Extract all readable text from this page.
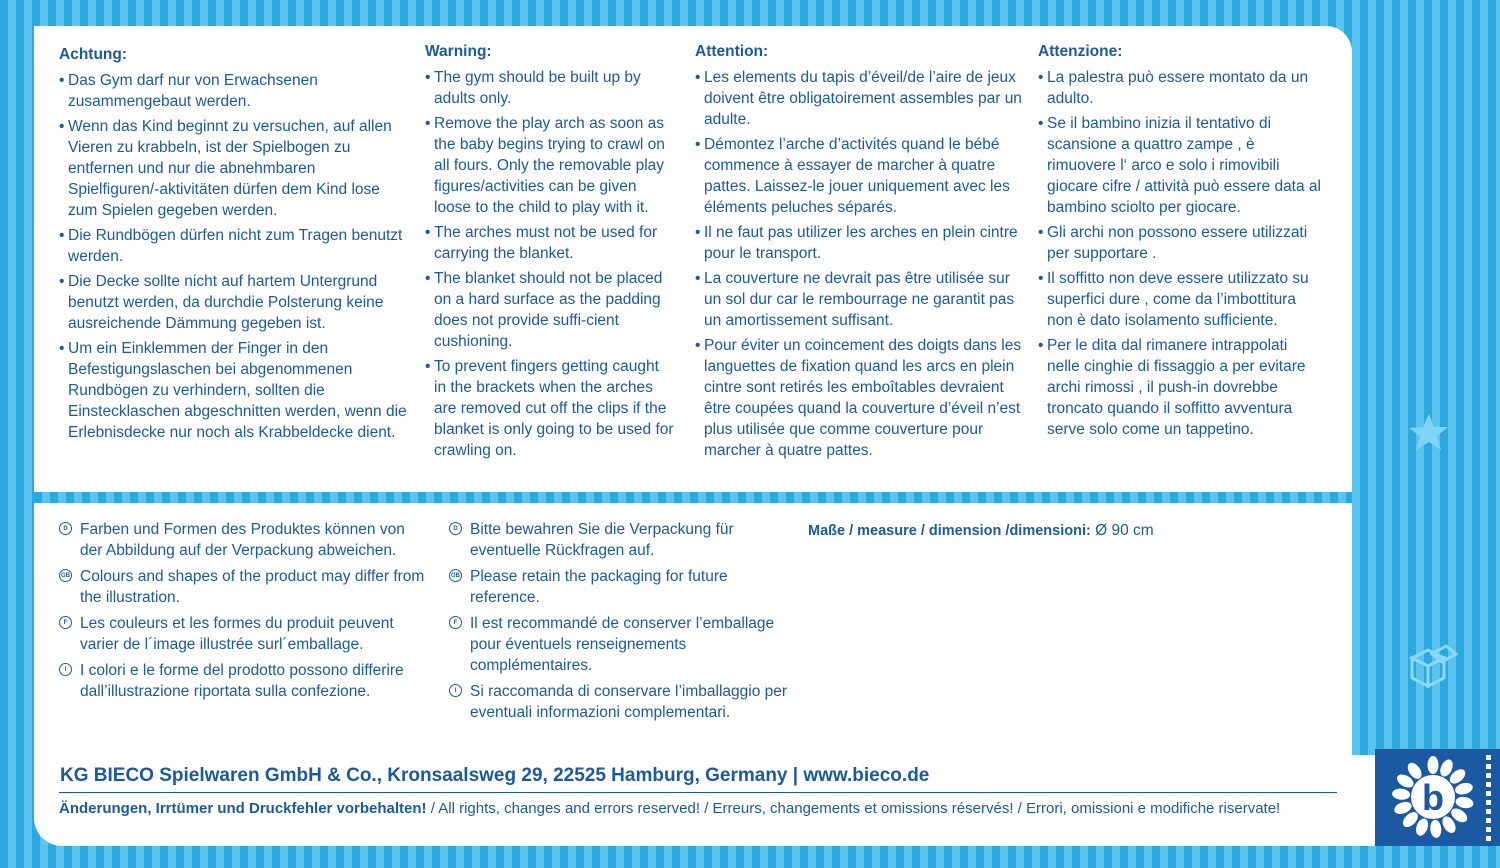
Achtung:
• Das Gym darf nur von Erwachsenen zusammengebaut werden.
• Wenn das Kind beginnt zu versuchen, auf allen Vieren zu krabbeln, ist der Spielbogen zu entfernen und nur die abnehmbaren Spielfiguren/-aktivitäten dürfen dem Kind lose zum Spielen gegeben werden.
• Die Rundbögen dürfen nicht zum Tragen benutzt werden.
• Die Decke sollte nicht auf hartem Untergrund benutzt werden, da durchdie Polsterung keine ausreichende Dämmung gegeben ist.
• Um ein Einklemmen der Finger in den Befestigungslaschen bei abgenommenen Rundbögen zu verhindern, sollten die Einstecklaschen abgeschnitten werden, wenn die Erlebnisdecke nur noch als Krabbeldecke dient.
Warning:
• The gym should be built up by adults only.
• Remove the play arch as soon as the baby begins trying to crawl on all fours. Only the removable play figures/activities can be given loose to the child to play with it.
• The arches must not be used for carrying the blanket.
• The blanket should not be placed on a hard surface as the padding does not provide suffi-cient cushioning.
• To prevent fingers getting caught in the brackets when the arches are removed cut off the clips if the blanket is only going to be used for crawling on.
Attention:
• Les elements du tapis d’éveil/de l’aire de jeux doivent être obligatoirement assembles par un adulte.
• Démontez l’arche d’activités quand le bébé commence à essayer de marcher à quatre pattes. Laissez-le jouer uniquement avec les éléments peluches séparés.
• Il ne faut pas utilizer les arches en plein cintre pour le transport.
• La couverture ne devrait pas être utilisée sur un sol dur car le rembourrage ne garantit pas un amortissement suffisant.
• Pour éviter un coincement des doigts dans les languettes de fixation quand les arcs en plein cintre sont retirés les emboîtables devraient être coupées quand la couverture d’éveil n’est plus utilisée que comme couverture pour marcher à quatre pattes.
Attenzione:
• La palestra può essere montato da un adulto.
• Se il bambino inizia il tentativo di scansione a quattro zampe , è rimuovere l‘ arco e solo i rimovibili giocare cifre / attività può essere data al bambino sciolto per giocare.
• Gli archi non possono essere utilizzati per supportare .
• Il soffitto non deve essere utilizzato su superfici dure , come da l’imbottitura non è dato isolamento sufficiente.
• Per le dita dal rimanere intrappolati nelle cinghie di fissaggio a per evitare archi rimossi , il push-in dovrebbe troncato quando il soffitto avventura serve solo come un tappetino.
D Farben und Formen des Produktes können von der Abbildung auf der Verpackung abweichen.
GB Colours and shapes of the product may differ from the illustration.
F Les couleurs et les formes du produit peuvent varier de l´image illustrée surl´emballage.
I I colori e le forme del prodotto possono differire dall’illustrazione riportata sulla confezione.
D Bitte bewahren Sie die Verpackung für eventuelle Rückfragen auf.
GB Please retain the packaging for future reference.
F Il est recommandé de conserver l’emballage pour éventuels renseignements complémentaires.
I Si raccomanda di conservare l’imballaggio per eventuali informazioni complementari.
Maße / measure / dimension /dimensioni: Ø 90 cm
KG BIECO Spielwaren GmbH & Co., Kronsaalsweg 29, 22525 Hamburg, Germany | www.bieco.de
Änderungen, Irrtümer und Druckfehler vorbehalten! / All rights, changes and errors reserved! / Erreurs, changements et omissions réservés! / Errori, omissioni e modifiche riservate!	b
